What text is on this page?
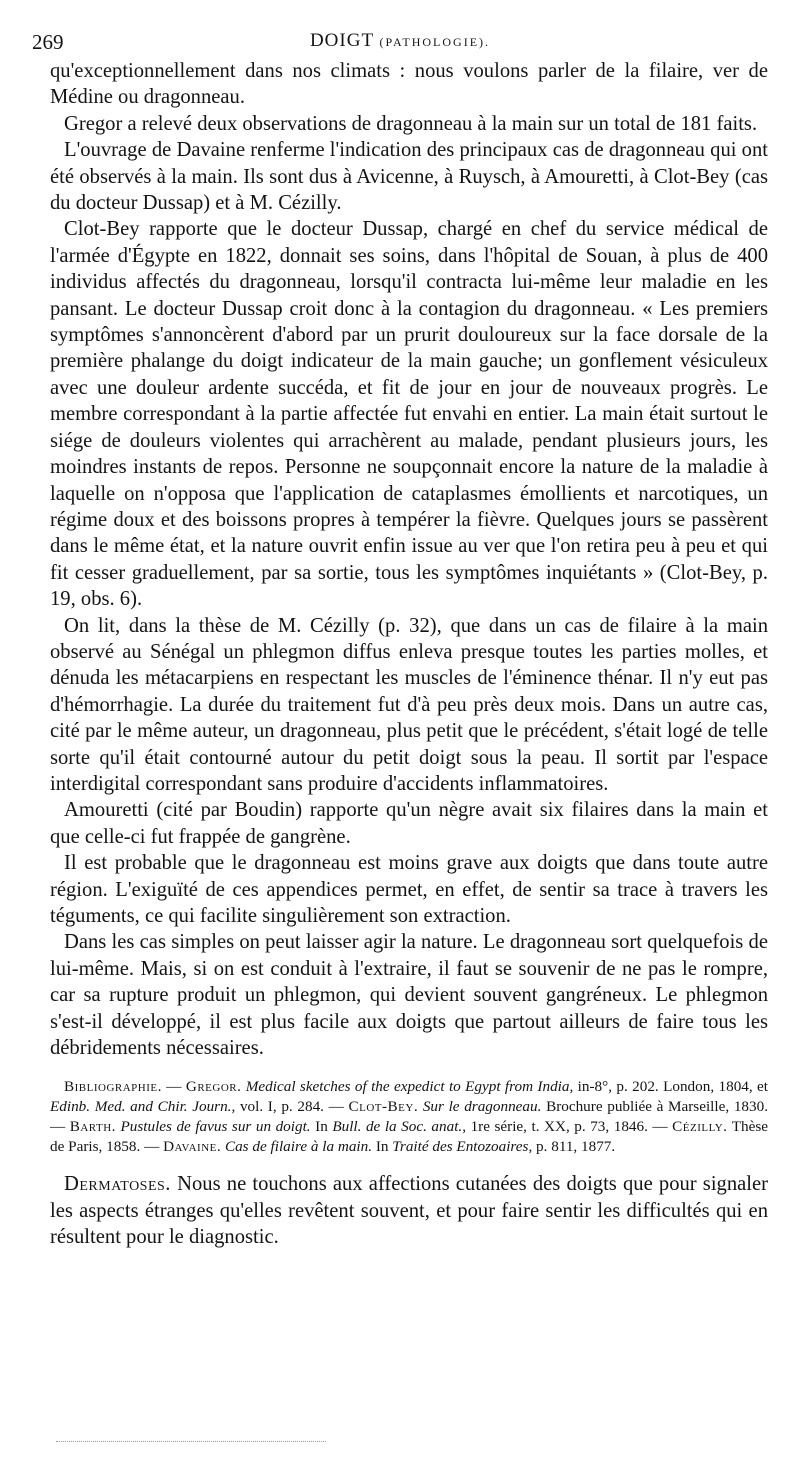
269	DOIGT (PATHOLOGIE).

qu'exceptionnellement dans nos climats : nous voulons parler de la filaire, ver de Médine ou dragonneau.

Gregor a relevé deux observations de dragonneau à la main sur un total de 181 faits.

L'ouvrage de Davaine renferme l'indication des principaux cas de dragonneau qui ont été observés à la main. Ils sont dus à Avicenne, à Ruysch, à Amouretti, à Clot-Bey (cas du docteur Dussap) et à M. Cézilly.

Clot-Bey rapporte que le docteur Dussap, chargé en chef du service médical de l'armée d'Égypte en 1822, donnait ses soins, dans l'hôpital de Souan, à plus de 400 individus affectés du dragonneau, lorsqu'il contracta lui-même leur maladie en les pansant. Le docteur Dussap croit donc à la contagion du dragonneau. « Les premiers symptômes s'annoncèrent d'abord par un prurit douloureux sur la face dorsale de la première phalange du doigt indicateur de la main gauche; un gonflement vésiculeux avec une douleur ardente succéda, et fit de jour en jour de nouveaux progrès. Le membre correspondant à la partie affectée fut envahi en entier. La main était surtout le siége de douleurs violentes qui arrachèrent au malade, pendant plusieurs jours, les moindres instants de repos. Personne ne soupçonnait encore la nature de la maladie à laquelle on n'opposa que l'application de cataplasmes émollients et narcotiques, un régime doux et des boissons propres à tempérer la fièvre. Quelques jours se passèrent dans le même état, et la nature ouvrit enfin issue au ver que l'on retira peu à peu et qui fit cesser graduellement, par sa sortie, tous les symptômes inquiétants » (Clot-Bey, p. 19, obs. 6).

On lit, dans la thèse de M. Cézilly (p. 32), que dans un cas de filaire à la main observé au Sénégal un phlegmon diffus enleva presque toutes les parties molles, et dénuda les métacarpiens en respectant les muscles de l'éminence thénar. Il n'y eut pas d'hémorrhagie. La durée du traitement fut d'à peu près deux mois. Dans un autre cas, cité par le même auteur, un dragonneau, plus petit que le précédent, s'était logé de telle sorte qu'il était contourné autour du petit doigt sous la peau. Il sortit par l'espace interdigital correspondant sans produire d'accidents inflammatoires.

Amouretti (cité par Boudin) rapporte qu'un nègre avait six filaires dans la main et que celle-ci fut frappée de gangrène.

Il est probable que le dragonneau est moins grave aux doigts que dans toute autre région. L'exiguïté de ces appendices permet, en effet, de sentir sa trace à travers les téguments, ce qui facilite singulièrement son extraction.

Dans les cas simples on peut laisser agir la nature. Le dragonneau sort quelquefois de lui-même. Mais, si on est conduit à l'extraire, il faut se souvenir de ne pas le rompre, car sa rupture produit un phlegmon, qui devient souvent gangréneux. Le phlegmon s'est-il développé, il est plus facile aux doigts que partout ailleurs de faire tous les débridements nécessaires.

Bibliographie. — Gregor. Medical sketches of the expedict to Egypt from India, in-8°, p. 202. London, 1804, et Edinb. Med. and Chir. Journ., vol. I, p. 284. — Clot-Bey. Sur le dragonneau. Brochure publiée à Marseille, 1830. — Barth. Pustules de favus sur un doigt. In Bull. de la Soc. anat., 1re série, t. XX, p. 73, 1846. — Cézilly. Thèse de Paris, 1858. — Davaine. Cas de filaire à la main. In Traité des Entozoaires, p. 811, 1877.

Dermatoses. Nous ne touchons aux affections cutanées des doigts que pour signaler les aspects étranges qu'elles revêtent souvent, et pour faire sentir les difficultés qui en résultent pour le diagnostic.
